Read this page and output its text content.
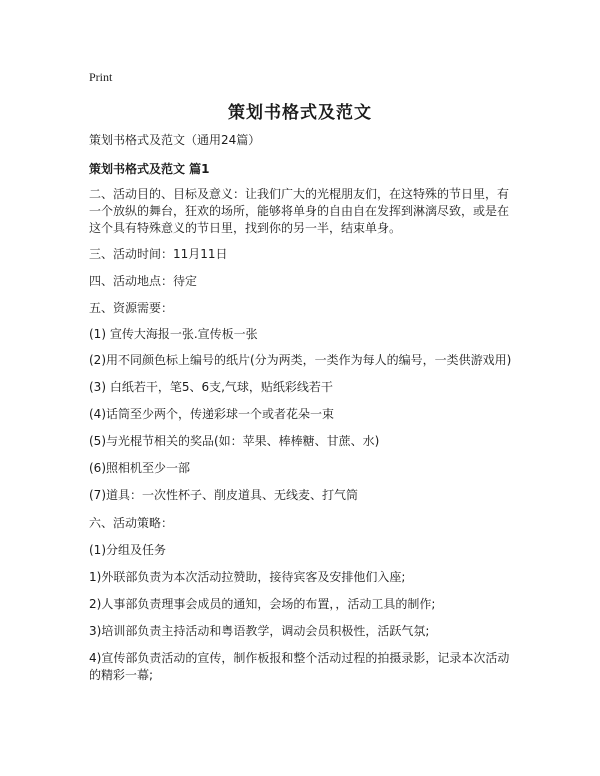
Print
策划书格式及范文
策划书格式及范文（通用24篇）
策划书格式及范文 篇1
二、活动目的、目标及意义：让我们广大的光棍朋友们，在这特殊的节日里，有一个放纵的舞台，狂欢的场所，能够将单身的自由自在发挥到淋漓尽致，或是在这个具有特殊意义的节日里，找到你的另一半，结束单身。
三、活动时间：11月11日
四、活动地点：待定
五、资源需要：
(1) 宣传大海报一张.宣传板一张
(2)用不同颜色标上编号的纸片(分为两类，一类作为每人的编号，一类供游戏用)
(3) 白纸若干，笔5、6支,气球，贴纸彩线若干
(4)话筒至少两个，传递彩球一个或者花朵一束
(5)与光棍节相关的奖品(如：苹果、棒棒糖、甘蔗、水)
(6)照相机至少一部
(7)道具：一次性杯子、削皮道具、无线麦、打气筒
六、活动策略：
(1)分组及任务
1)外联部负责为本次活动拉赞助，接待宾客及安排他们入座;
2)人事部负责理事会成员的通知，会场的布置，，活动工具的制作;
3)培训部负责主持活动和粤语教学，调动会员积极性，活跃气氛;
4)宣传部负责活动的宣传，制作板报和整个活动过程的拍摄录影，记录本次活动的精彩一幕;
